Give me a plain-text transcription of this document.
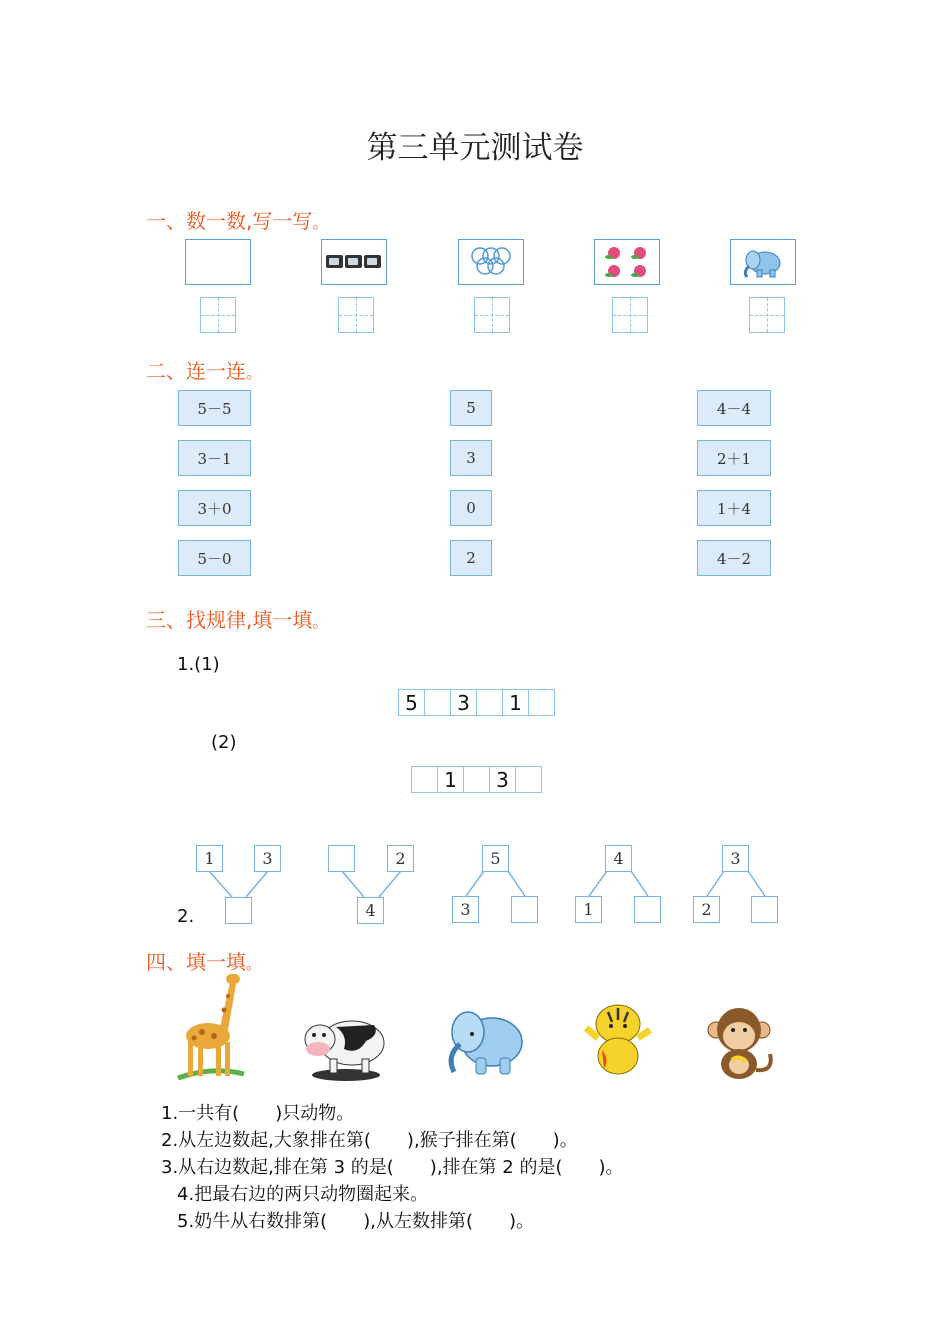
第三单元测试卷
一、数一数,写一写。
二、连一连。
5－5
3－1
3＋0
5－0
5
3
0
2
4－4
2＋1
1＋4
4－2
三、找规律,填一填。
1.(1)
5	3	1
(2)
1	3
2.
1	3	2
4
5
3
4
1
3
2
四、填一填。
1.一共有(　　)只动物。
2.从左边数起,大象排在第(　　),猴子排在第(　　)。
3.从右边数起,排在第 3 的是(　　),排在第 2 的是(　　)。
4.把最右边的两只动物圈起来。
5.奶牛从右数排第(　　),从左数排第(　　)。
